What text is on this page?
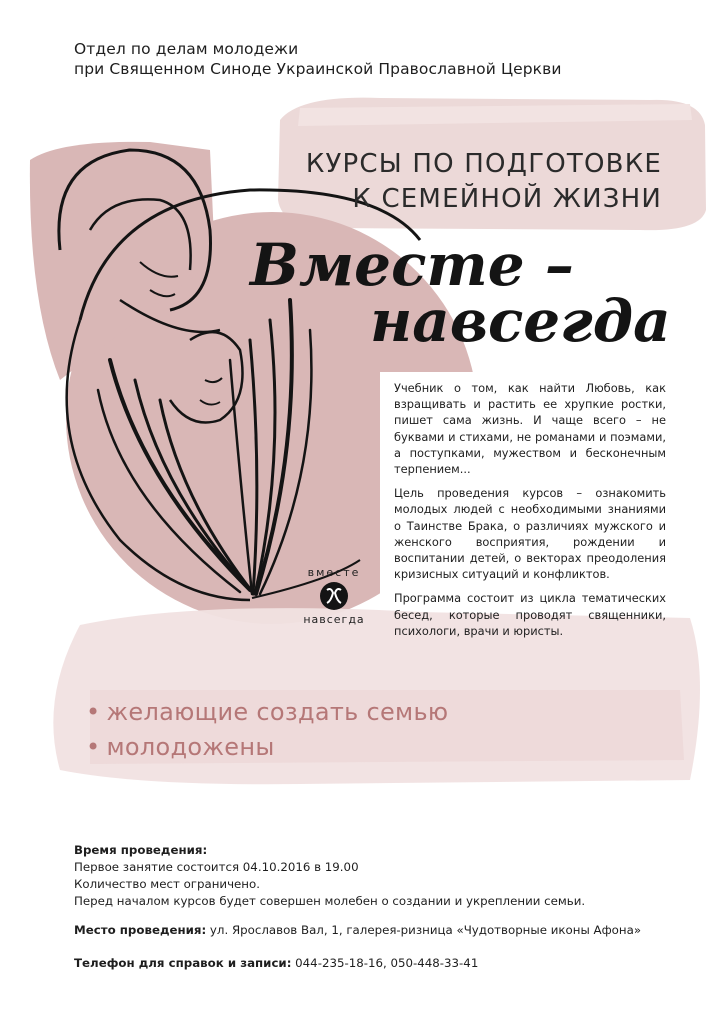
Отдел по делам молодежи
при Священном Синоде Украинской Православной Церкви
КУРСЫ ПО ПОДГОТОВКЕ
К СЕМЕЙНОЙ ЖИЗНИ
Вместе –
навсегда

Учебник о том, как найти Любовь, как взращивать и растить ее хрупкие ростки, пишет сама жизнь. И чаще всего – не буквами и стихами, не романами и поэмами, а поступками, мужеством и бесконечным терпением...

Цель проведения курсов – ознакомить молодых людей с необходимыми знаниями о Таинстве Брака, о различиях мужского и женского восприятия, рождении и воспитании детей, о векторах преодоления кризисных ситуаций и конфликтов.

Программа состоит из цикла тематических бесед, которые проводят священники, психологи, врачи и юристы.

вместе
навсегда
• желающие создать семью
• молодожены
Время проведения:
Первое занятие состоится 04.10.2016 в 19.00
Количество мест ограничено.
Перед началом курсов будет совершен молебен о создании и укреплении семьи.
Место проведения: ул. Ярославов Вал, 1, галерея-ризница «Чудотворные иконы Афона»
Телефон для справок и записи: 044-235-18-16, 050-448-33-41
